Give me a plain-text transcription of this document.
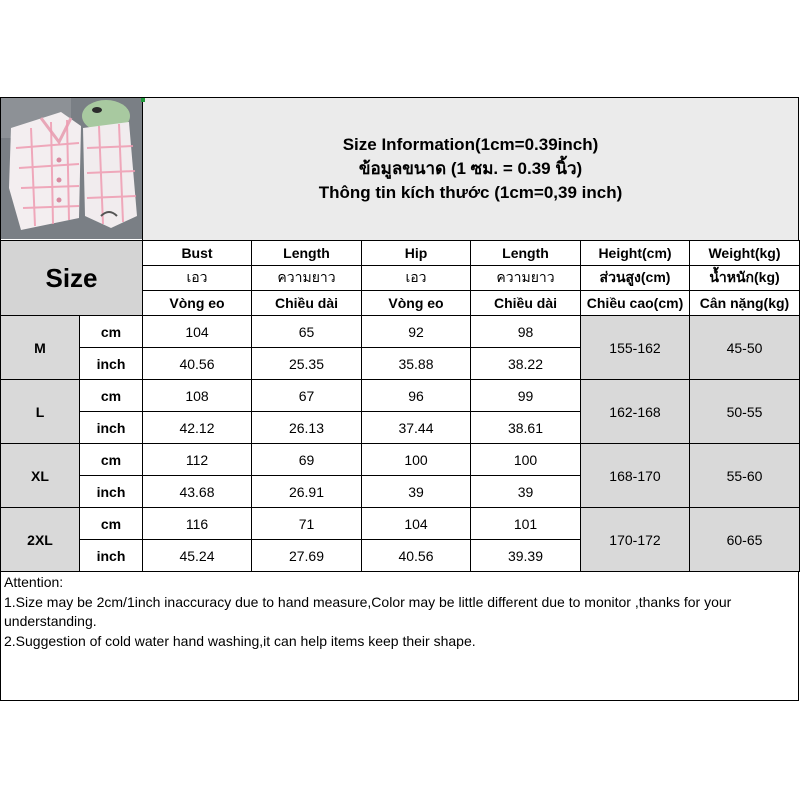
Size Information(1cm=0.39inch)
ข้อมูลขนาด (1 ซม. = 0.39 นิ้ว)
Thông tin kích thước (1cm=0,39 inch)
Size		Bust	Length	Hip	Length	Height(cm)	Weight(kg)
		เอว	ความยาว	เอว	ความยาว	ส่วนสูง(cm)	น้ำหนัก(kg)
		Vòng eo	Chiều dài	Vòng eo	Chiều dài	Chiều cao(cm)	Cân nặng(kg)
M	cm	104	65	92	98	155-162	45-50
	inch	40.56	25.35	35.88	38.22		
L	cm	108	67	96	99	162-168	50-55
	inch	42.12	26.13	37.44	38.61		
XL	cm	112	69	100	100	168-170	55-60
	inch	43.68	26.91	39	39		
2XL	cm	116	71	104	101	170-172	60-65
	inch	45.24	27.69	40.56	39.39		

Attention:

1.Size may be 2cm/1inch inaccuracy due to hand measure,Color may be little different due to monitor ,thanks for your understanding.

2.Suggestion of cold water hand washing,it can help items keep their shape.
